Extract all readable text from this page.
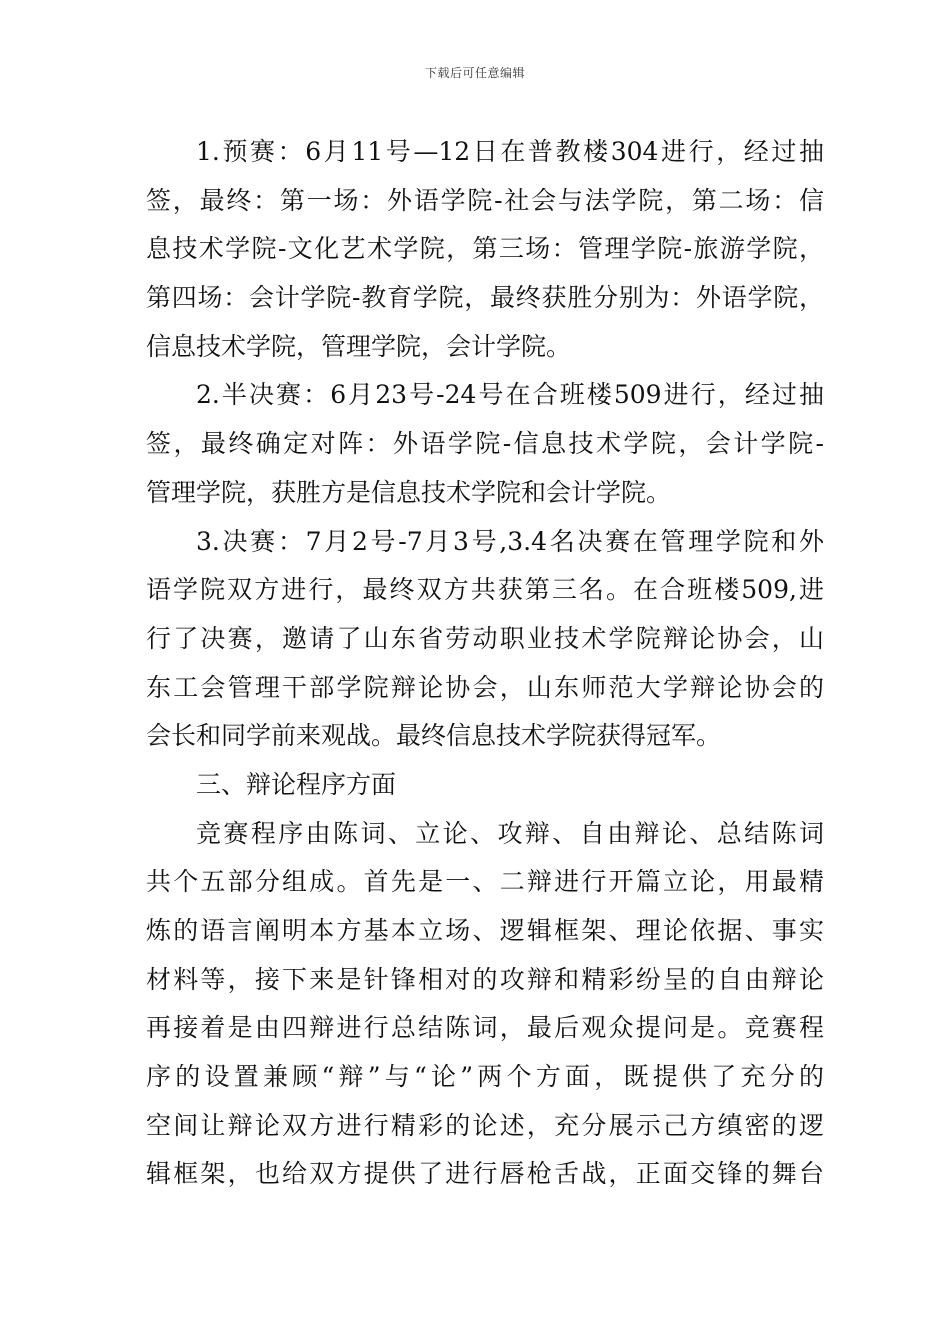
下载后可任意编辑
1.预赛：6月11号—12日在普教楼304进行，经过抽
签，最终：第一场：外语学院-社会与法学院，第二场：信
息技术学院-文化艺术学院，第三场：管理学院-旅游学院，
第四场：会计学院-教育学院，最终获胜分别为：外语学院，
信息技术学院，管理学院，会计学院。
2.半决赛：6月23号-24号在合班楼509进行，经过抽
签，最终确定对阵：外语学院-信息技术学院，会计学院-
管理学院，获胜方是信息技术学院和会计学院。
3.决赛：7月2号-7月3号,3.4名决赛在管理学院和外
语学院双方进行，最终双方共获第三名。在合班楼509,进
行了决赛，邀请了山东省劳动职业技术学院辩论协会，山
东工会管理干部学院辩论协会，山东师范大学辩论协会的
会长和同学前来观战。最终信息技术学院获得冠军。
三、辩论程序方面
竞赛程序由陈词、立论、攻辩、自由辩论、总结陈词
共个五部分组成。首先是一、二辩进行开篇立论，用最精
炼的语言阐明本方基本立场、逻辑框架、理论依据、事实
材料等，接下来是针锋相对的攻辩和精彩纷呈的自由辩论
再接着是由四辩进行总结陈词，最后观众提问是。竞赛程
序的设置兼顾“辩”与“论”两个方面，既提供了充分的
空间让辩论双方进行精彩的论述，充分展示己方缜密的逻
辑框架，也给双方提供了进行唇枪舌战，正面交锋的舞台
